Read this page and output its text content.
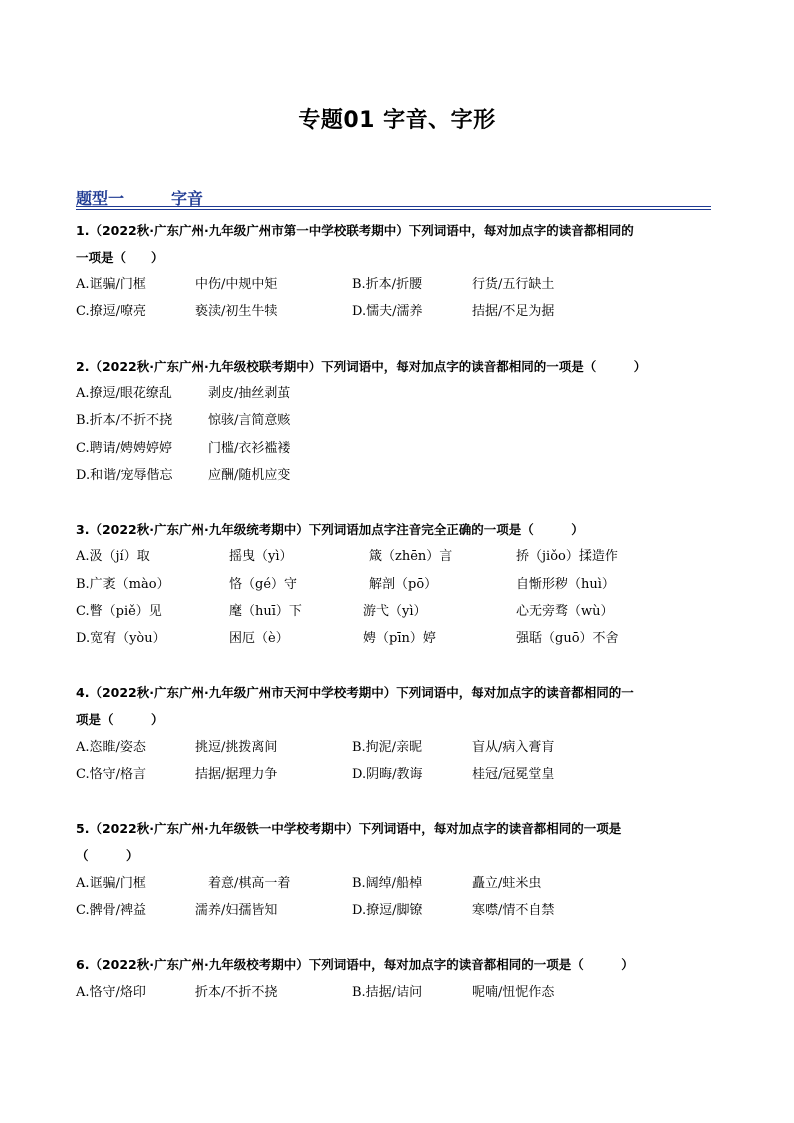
专题01 字音、字形
题型一	字音
1.（2022秋·广东广州·九年级广州市第一中学校联考期中）下列词语中，每对加点字的读音都相同的
一项是（　　）
A.诓骗/门框	中伤/中规中矩	B.折本/折腰	行货/五行缺土
C.撩逗/嘹亮	亵渎/初生牛犊	D.懦夫/濡养	拮据/不足为据
2.（2022秋·广东广州·九年级校联考期中）下列词语中，每对加点字的读音都相同的一项是（　　　）
A.撩逗/眼花缭乱	剥皮/抽丝剥茧
B.折本/不折不挠	惊骇/言简意赅
C.聘请/娉娉婷婷	门槛/衣衫褴褛
D.和谐/宠辱偕忘	应酬/随机应变
3.（2022秋·广东广州·九年级统考期中）下列词语加点字注音完全正确的一项是（　　　）
A.汲（jí）取	摇曳（yì）	箴（zhēn）言	挢（jiǒo）揉造作
B.广袤（mào）	恪（gé）守	解剖（pō）	自惭形秽（huì）
C.瞥（piě）见	麾（huī）下	游弋（yì）	心无旁骛（wù）
D.宽宥（yòu）	困厄（è）	娉（pīn）婷	强聒（guō）不舍
4.（2022秋·广东广州·九年级广州市天河中学校考期中）下列词语中，每对加点字的读音都相同的一
项是（　　　）
A.恣睢/姿态	挑逗/挑拨离间	B.拘泥/亲昵	盲从/病入膏肓
C.恪守/格言	拮据/据理力争	D.阴晦/教诲	桂冠/冠冕堂皇
5.（2022秋·广东广州·九年级铁一中学校考期中）下列词语中，每对加点字的读音都相同的一项是
（　　　）
A.诓骗/门框	着意/棋高一着	B.阔绰/船棹	矗立/蛀米虫
C.髀骨/裨益	濡养/妇孺皆知	D.撩逗/脚镣	寒噤/情不自禁
6.（2022秋·广东广州·九年级校考期中）下列词语中，每对加点字的读音都相同的一项是（　　　）
A.恪守/烙印	折本/不折不挠	B.拮据/诘问	呢喃/忸怩作态
